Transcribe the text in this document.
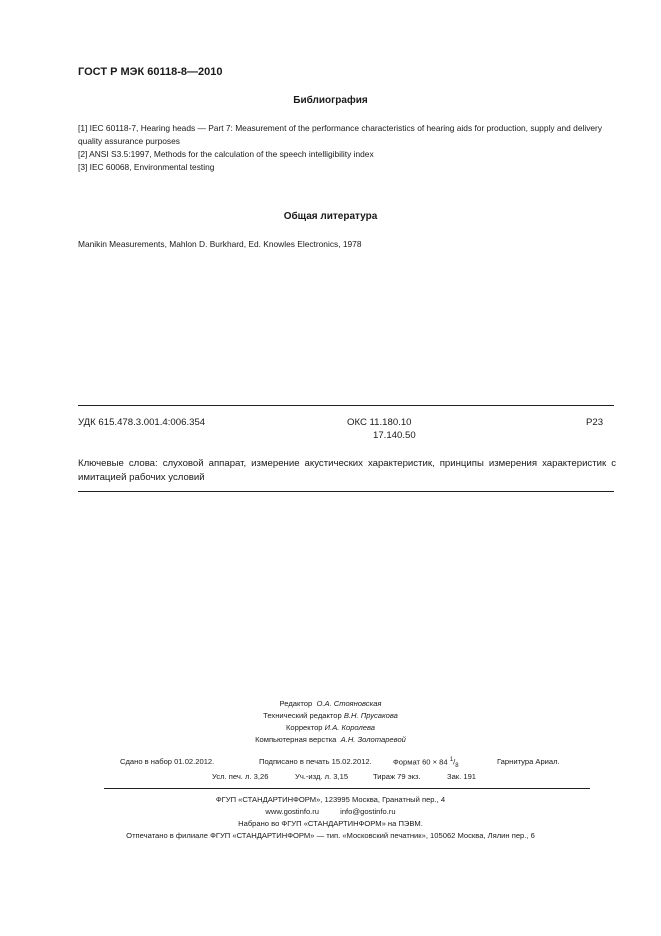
ГОСТ Р МЭК 60118-8—2010
Библиография
[1] IEC 60118-7, Hearing heads — Part 7: Measurement of the performance characteristics of hearing aids for production, supply and delivery quality assurance purposes
[2] ANSI S3.5:1997, Methods for the calculation of the speech intelligibility index
[3] IEC 60068, Environmental testing
Общая литература
Manikin Measurements, Mahlon D. Burkhard, Ed. Knowles Electronics, 1978
УДК 615.478.3.001.4:006.354	ОКС 11.180.10
17.140.50
Р23
Ключевые слова: слуховой аппарат, измерение акустических характеристик, принципы измерения характеристик с имитацией рабочих условий
Редактор О.А. Стояновская
Технический редактор В.Н. Прусакова
Корректор И.А. Королева
Компьютерная верстка А.Н. Золотаревой
Сдано в набор 01.02.2012.	Подписано в печать 15.02.2012.	Формат 60 × 84 $^1/_8$
Гарнитура Ариал.
Усл. печ. л. 3,26	Уч.-изд. л. 3,15	Тираж 79 экз.	Зак. 191
ФГУП «СТАНДАРТИНФОРМ», 123995 Москва, Гранатный пер., 4
www.gostinfo.ru	info@gostinfo.ru
Набрано во ФГУП «СТАНДАРТИНФОРМ» на ПЭВМ.
Отпечатано в филиале ФГУП «СТАНДАРТИНФОРМ» — тип. «Московский печатник», 105062 Москва, Лялин пер., 6
